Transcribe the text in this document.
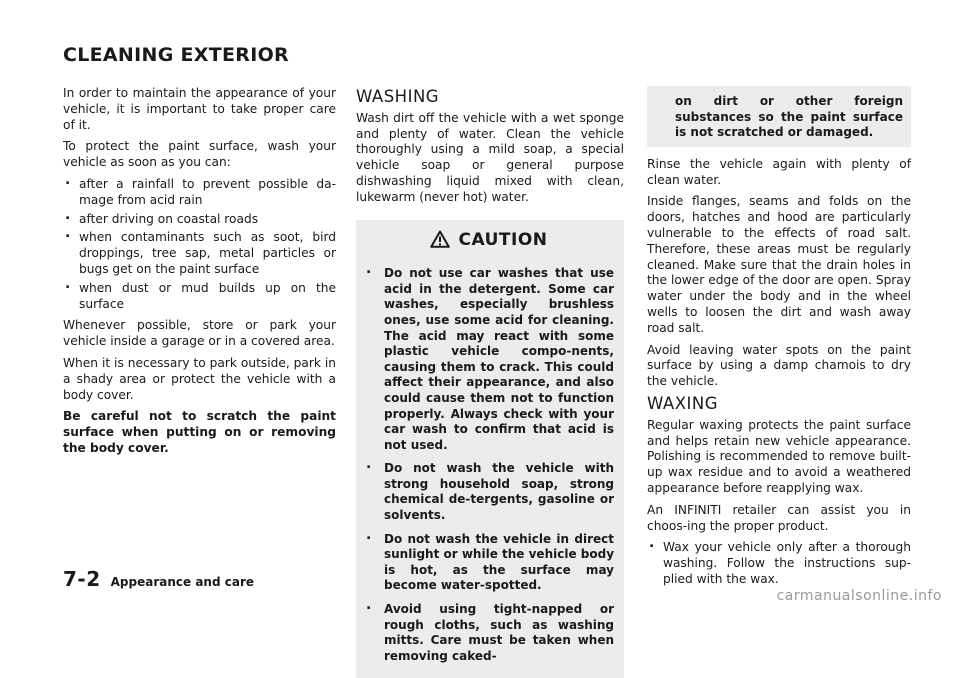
CLEANING EXTERIOR

In order to maintain the appearance of your vehicle, it is important to take proper care of it.

To protect the paint surface, wash your vehicle as soon as you can:

. after a rainfall to prevent possible da-mage from acid rain
. after driving on coastal roads
. when contaminants such as soot, bird droppings, tree sap, metal particles or bugs get on the paint surface
. when dust or mud builds up on the surface

Whenever possible, store or park your vehicle inside a garage or in a covered area.

When it is necessary to park outside, park in a shady area or protect the vehicle with a body cover.

Be careful not to scratch the paint surface when putting on or removing the body cover.

WASHING

Wash dirt off the vehicle with a wet sponge and plenty of water. Clean the vehicle thoroughly using a mild soap, a special vehicle soap or general purpose dishwashing liquid mixed with clean, lukewarm (never hot) water.

CAUTION
. Do not use car washes that use acid in the detergent. Some car washes, especially brushless ones, use some acid for cleaning. The acid may react with some plastic vehicle compo-nents, causing them to crack. This could affect their appearance, and also could cause them not to function properly. Always check with your car wash to confirm that acid is not used.
. Do not wash the vehicle with strong household soap, strong chemical de-tergents, gasoline or solvents.
. Do not wash the vehicle in direct sunlight or while the vehicle body is hot, as the surface may become water-spotted.
. Avoid using tight-napped or rough cloths, such as washing mitts. Care must be taken when removing caked-

on dirt or other foreign substances so the paint surface is not scratched or damaged.

Rinse the vehicle again with plenty of clean water.

Inside flanges, seams and folds on the doors, hatches and hood are particularly vulnerable to the effects of road salt. Therefore, these areas must be regularly cleaned. Make sure that the drain holes in the lower edge of the door are open. Spray water under the body and in the wheel wells to loosen the dirt and wash away road salt.

Avoid leaving water spots on the paint surface by using a damp chamois to dry the vehicle.

WAXING

Regular waxing protects the paint surface and helps retain new vehicle appearance. Polishing is recommended to remove built-up wax residue and to avoid a weathered appearance before reapplying wax.

An INFINITI retailer can assist you in choos-ing the proper product.

. Wax your vehicle only after a thorough washing. Follow the instructions sup-plied with the wax.
7-2 Appearance and care
carmanualsonline.info
